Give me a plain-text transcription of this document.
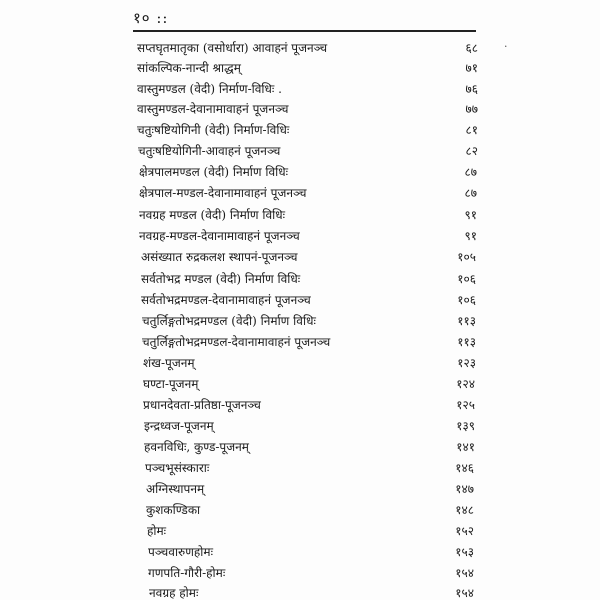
१० ::
·
सप्तघृतमातृका (वसोर्धारा) आवाहनं पूजनञ्च	६८
सांकल्पिक-नान्दी श्राद्धम्	७१
वास्तुमण्डल (वेदी) निर्माण-विधिः .	७६
वास्तुमण्डल-देवानामावाहनं पूजनञ्च	७७
चतुःषष्टियोगिनी (वेदी) निर्माण-विधिः	८१
चतुःषष्टियोगिनी-आवाहनं पूजनञ्च	८२
क्षेत्रपालमण्डल (वेदी) निर्माण विधिः	८७
क्षेत्रपाल-मण्डल-देवानामावाहनं पूजनञ्च	८७
नवग्रह मण्डल (वेदी) निर्माण विधिः	९१
नवग्रह-मण्डल-देवानामावाहनं पूजनञ्च	९१
असंख्यात रुद्रकलश स्थापनं-पूजनञ्च	१०५
सर्वतोभद्र मण्डल (वेदी) निर्माण विधिः	१०६
सर्वतोभद्रमण्डल-देवानामावाहनं पूजनञ्च	१०६
चतुर्लिङ्गतोभद्रमण्डल (वेदी) निर्माण विधिः	११३
चतुर्लिङ्गतोभद्रमण्डल-देवानामावाहनं पूजनञ्च	११३
शंख-पूजनम्	१२३
घण्टा-पूजनम्	१२४
प्रधानदेवता-प्रतिष्ठा-पूजनञ्च	१२५
इन्द्रध्वज-पूजनम्	१३९
हवनविधिः, कुण्ड-पूजनम्	१४१
पञ्चभूसंस्काराः	१४६
अग्निस्थापनम्	१४७
कुशकण्डिका	१४८
होमः	१५२
पञ्चवारुणहोमः	१५३
गणपति-गौरी-होमः	१५४
नवग्रह होमः	१५४
